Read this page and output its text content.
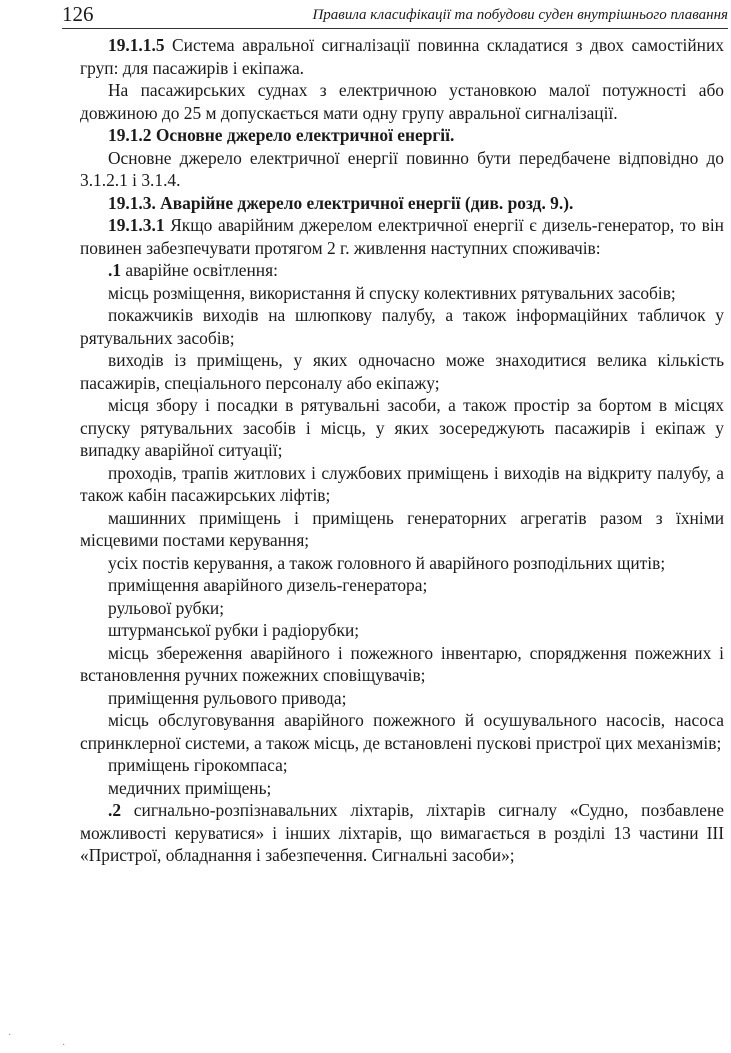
126	Правила класифікації та побудови суден внутрішнього плавання

19.1.1.5 Система авральної сигналізації повинна складатися з двох самостійних груп: для пасажирів і екіпажа.

На пасажирських суднах з електричною установкою малої потужності або довжиною до 25 м допускається мати одну групу авральної сигналізації.

19.1.2 Основне джерело електричної енергії.

Основне джерело електричної енергії повинно бути передбачене відповідно до 3.1.2.1 і 3.1.4.

19.1.3. Аварійне джерело електричної енергії (див. розд. 9.).

19.1.3.1 Якщо аварійним джерелом електричної енергії є дизель-генератор, то він повинен забезпечувати протягом 2 г. живлення наступних споживачів:

.1 аварійне освітлення:

місць розміщення, використання й спуску колективних рятувальних засобів;

покажчиків виходів на шлюпкову палубу, а також інформаційних табличок у рятувальних засобів;

виходів із приміщень, у яких одночасно може знаходитися велика кількість пасажирів, спеціального персоналу або екіпажу;

місця збору і посадки в рятувальні засоби, а також простір за бортом в місцях спуску рятувальних засобів і місць, у яких зосереджують пасажирів і екіпаж у випадку аварійної ситуації;

проходів, трапів житлових і службових приміщень і виходів на відкриту палубу, а також кабін пасажирських ліфтів;

машинних приміщень і приміщень генераторних агрегатів разом з їхніми місцевими постами керування;

усіх постів керування, а також головного й аварійного розподільних щитів;

приміщення аварійного дизель-генератора;

рульової рубки;

штурманської рубки і радіорубки;

місць збереження аварійного і пожежного інвентарю, спорядження пожежних і встановлення ручних пожежних сповіщувачів;

приміщення рульового привода;

місць обслуговування аварійного пожежного й осушувального насосів, насоса спринклерної системи, а також місць, де встановлені пускові пристрої цих механізмів;

приміщень гірокомпаса;

медичних приміщень;

.2 сигнально-розпізнавальних ліхтарів, ліхтарів сигналу «Судно, позбавлене можливості керуватися» і інших ліхтарів, що вимагається в розділі 13 частини ІІІ «Пристрої, обладнання і забезпечення. Сигнальні засоби»;

·
·
